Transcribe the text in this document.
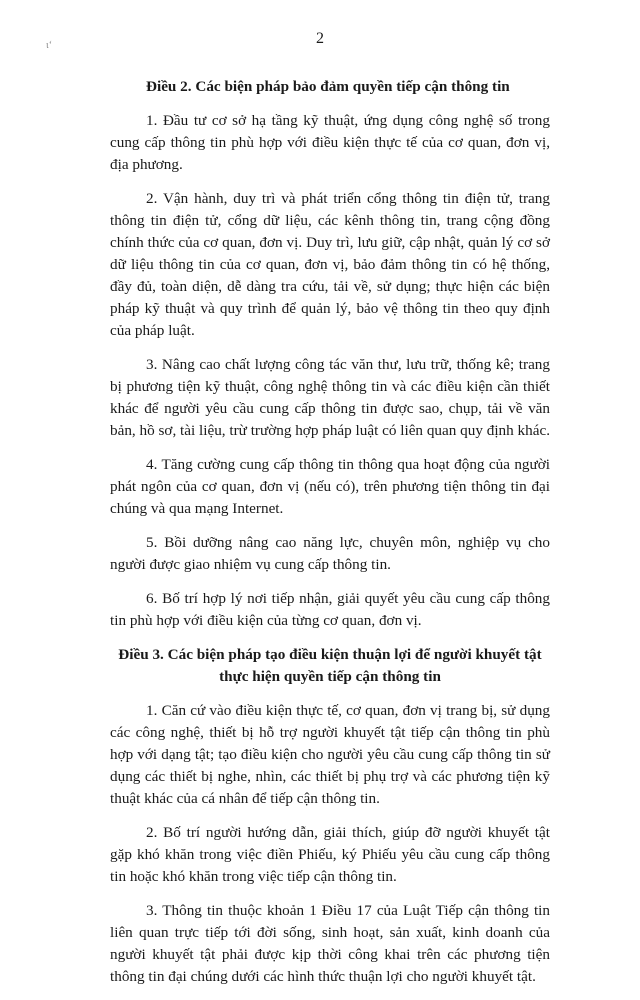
ι‘	2

Điều 2. Các biện pháp bảo đảm quyền tiếp cận thông tin

1. Đầu tư cơ sở hạ tầng kỹ thuật, ứng dụng công nghệ số trong cung cấp thông tin phù hợp với điều kiện thực tế của cơ quan, đơn vị, địa phương.

2. Vận hành, duy trì và phát triển cổng thông tin điện tử, trang thông tin điện tử, cổng dữ liệu, các kênh thông tin, trang cộng đồng chính thức của cơ quan, đơn vị. Duy trì, lưu giữ, cập nhật, quản lý cơ sở dữ liệu thông tin của cơ quan, đơn vị, bảo đảm thông tin có hệ thống, đầy đủ, toàn diện, dễ dàng tra cứu, tải về, sử dụng; thực hiện các biện pháp kỹ thuật và quy trình để quản lý, bảo vệ thông tin theo quy định của pháp luật.

3. Nâng cao chất lượng công tác văn thư, lưu trữ, thống kê; trang bị phương tiện kỹ thuật, công nghệ thông tin và các điều kiện cần thiết khác để người yêu cầu cung cấp thông tin được sao, chụp, tải về văn bản, hồ sơ, tài liệu, trừ trường hợp pháp luật có liên quan quy định khác.

4. Tăng cường cung cấp thông tin thông qua hoạt động của người phát ngôn của cơ quan, đơn vị (nếu có), trên phương tiện thông tin đại chúng và qua mạng Internet.

5. Bồi dưỡng nâng cao năng lực, chuyên môn, nghiệp vụ cho người được giao nhiệm vụ cung cấp thông tin.

6. Bố trí hợp lý nơi tiếp nhận, giải quyết yêu cầu cung cấp thông tin phù hợp với điều kiện của từng cơ quan, đơn vị.

Điều 3. Các biện pháp tạo điều kiện thuận lợi để người khuyết tật thực hiện quyền tiếp cận thông tin

1. Căn cứ vào điều kiện thực tế, cơ quan, đơn vị trang bị, sử dụng các công nghệ, thiết bị hỗ trợ người khuyết tật tiếp cận thông tin phù hợp với dạng tật; tạo điều kiện cho người yêu cầu cung cấp thông tin sử dụng các thiết bị nghe, nhìn, các thiết bị phụ trợ và các phương tiện kỹ thuật khác của cá nhân để tiếp cận thông tin.

2. Bố trí người hướng dẫn, giải thích, giúp đỡ người khuyết tật gặp khó khăn trong việc điền Phiếu, ký Phiếu yêu cầu cung cấp thông tin hoặc khó khăn trong việc tiếp cận thông tin.

3. Thông tin thuộc khoản 1 Điều 17 của Luật Tiếp cận thông tin liên quan trực tiếp tới đời sống, sinh hoạt, sản xuất, kinh doanh của người khuyết tật phải được kịp thời công khai trên các phương tiện thông tin đại chúng dưới các hình thức thuận lợi cho người khuyết tật.
